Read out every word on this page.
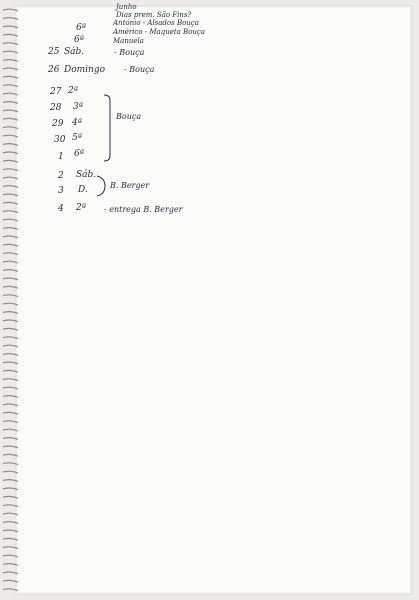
Junho
Dias prem. São Fins?
António - Alsados Bouça
Américo - Maqueta Bouça
Manuela
6ª
6ª
25 Sáb.	- Bouça
26 Domingo - Bouça
27 2ª
28 3ª
29 4ª
30 5ª
1 6ª
2 Sáb.
3 D.
4 2ª - entrega B. Berger
Bouça
B. Berger
